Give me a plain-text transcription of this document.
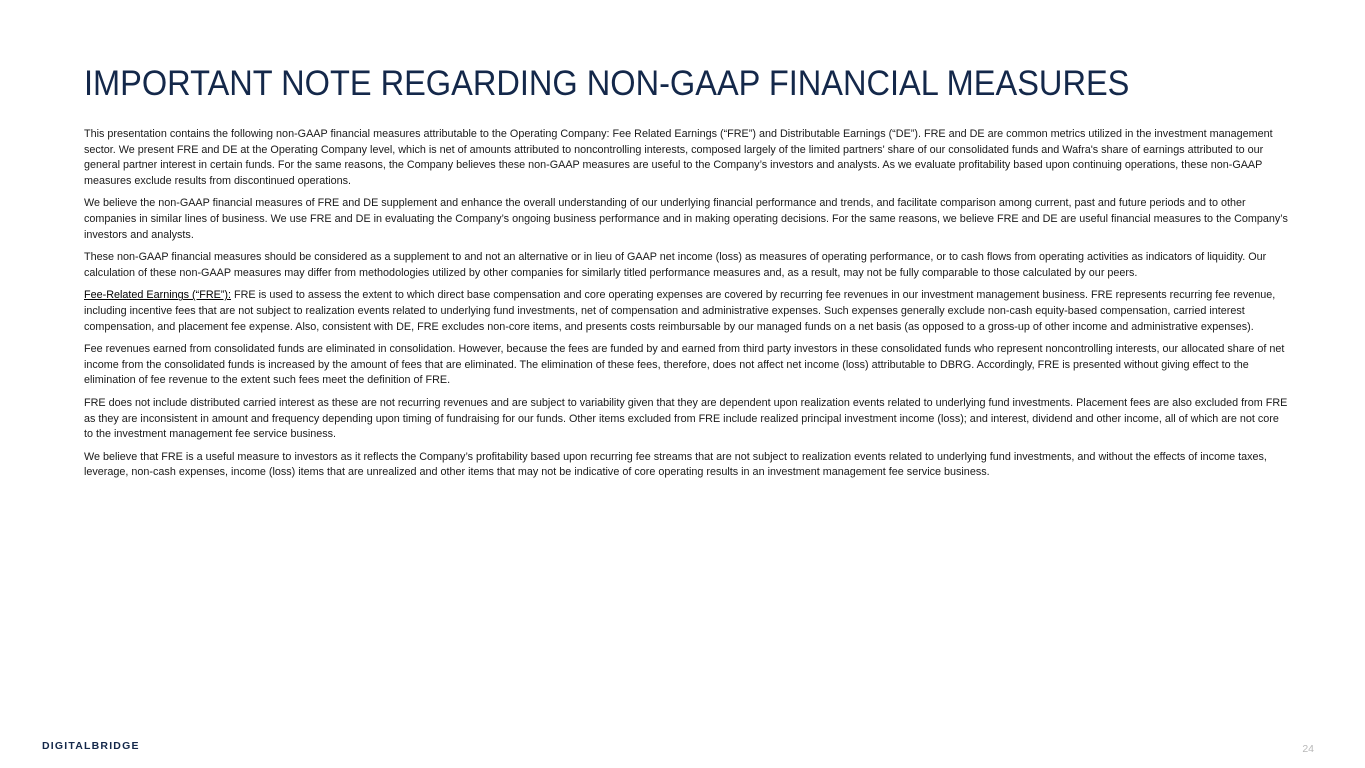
IMPORTANT NOTE REGARDING NON-GAAP FINANCIAL MEASURES

This presentation contains the following non-GAAP financial measures attributable to the Operating Company: Fee Related Earnings (“FRE”) and Distributable Earnings (“DE”). FRE and DE are common metrics utilized in the investment management sector. We present FRE and DE at the Operating Company level, which is net of amounts attributed to noncontrolling interests, composed largely of the limited partners' share of our consolidated funds and Wafra's share of earnings attributed to our general partner interest in certain funds. For the same reasons, the Company believes these non-GAAP measures are useful to the Company’s investors and analysts. As we evaluate profitability based upon continuing operations, these non-GAAP measures exclude results from discontinued operations.

We believe the non-GAAP financial measures of FRE and DE supplement and enhance the overall understanding of our underlying financial performance and trends, and facilitate comparison among current, past and future periods and to other companies in similar lines of business. We use FRE and DE in evaluating the Company’s ongoing business performance and in making operating decisions. For the same reasons, we believe FRE and DE are useful financial measures to the Company’s investors and analysts.

These non-GAAP financial measures should be considered as a supplement to and not an alternative or in lieu of GAAP net income (loss) as measures of operating performance, or to cash flows from operating activities as indicators of liquidity. Our calculation of these non-GAAP measures may differ from methodologies utilized by other companies for similarly titled performance measures and, as a result, may not be fully comparable to those calculated by our peers.

Fee-Related Earnings (“FRE”): FRE is used to assess the extent to which direct base compensation and core operating expenses are covered by recurring fee revenues in our investment management business. FRE represents recurring fee revenue, including incentive fees that are not subject to realization events related to underlying fund investments, net of compensation and administrative expenses. Such expenses generally exclude non-cash equity-based compensation, carried interest compensation, and placement fee expense. Also, consistent with DE, FRE excludes non-core items, and presents costs reimbursable by our managed funds on a net basis (as opposed to a gross-up of other income and administrative expenses).

Fee revenues earned from consolidated funds are eliminated in consolidation. However, because the fees are funded by and earned from third party investors in these consolidated funds who represent noncontrolling interests, our allocated share of net income from the consolidated funds is increased by the amount of fees that are eliminated. The elimination of these fees, therefore, does not affect net income (loss) attributable to DBRG. Accordingly, FRE is presented without giving effect to the elimination of fee revenue to the extent such fees meet the definition of FRE.

FRE does not include distributed carried interest as these are not recurring revenues and are subject to variability given that they are dependent upon realization events related to underlying fund investments. Placement fees are also excluded from FRE as they are inconsistent in amount and frequency depending upon timing of fundraising for our funds. Other items excluded from FRE include realized principal investment income (loss); and interest, dividend and other income, all of which are not core to the investment management fee service business.

We believe that FRE is a useful measure to investors as it reflects the Company’s profitability based upon recurring fee streams that are not subject to realization events related to underlying fund investments, and without the effects of income taxes, leverage, non-cash expenses, income (loss) items that are unrealized and other items that may not be indicative of core operating results in an investment management fee service business.

DIGITALBRIDGE	24
